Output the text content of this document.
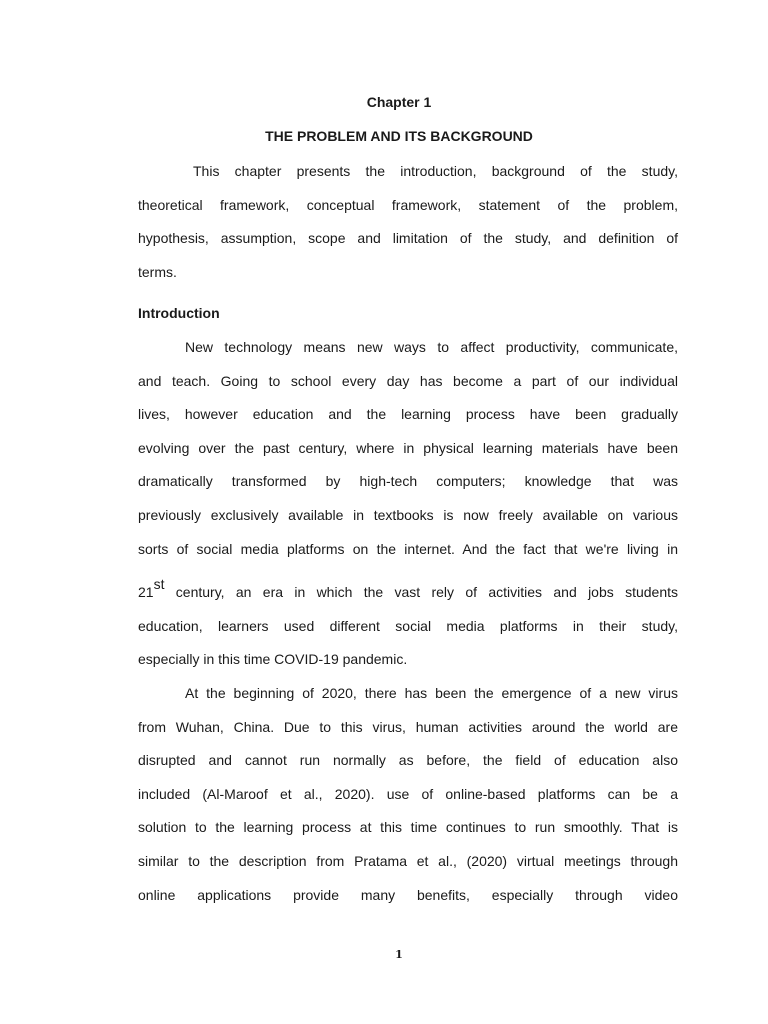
Chapter 1
THE PROBLEM AND ITS BACKGROUND
This chapter presents the introduction, background of the study,
theoretical framework, conceptual framework, statement of the problem,
hypothesis, assumption, scope and limitation of the study, and definition of
terms.
Introduction
New technology means new ways to affect productivity, communicate,
and teach. Going to school every day has become a part of our individual
lives, however education and the learning process have been gradually
evolving over the past century, where in physical learning materials have been
dramatically transformed by high-tech computers; knowledge that was
previously exclusively available in textbooks is now freely available on various
sorts of social media platforms on the internet. And the fact that we're living in
21st century, an era in which the vast rely of activities and jobs students
education, learners used different social media platforms in their study,
especially in this time COVID-19 pandemic.
At the beginning of 2020, there has been the emergence of a new virus
from Wuhan, China. Due to this virus, human activities around the world are
disrupted and cannot run normally as before, the field of education also
included (Al-Maroof et al., 2020). use of online-based platforms can be a
solution to the learning process at this time continues to run smoothly. That is
similar to the description from Pratama et al., (2020) virtual meetings through
online applications provide many benefits, especially through video
1
